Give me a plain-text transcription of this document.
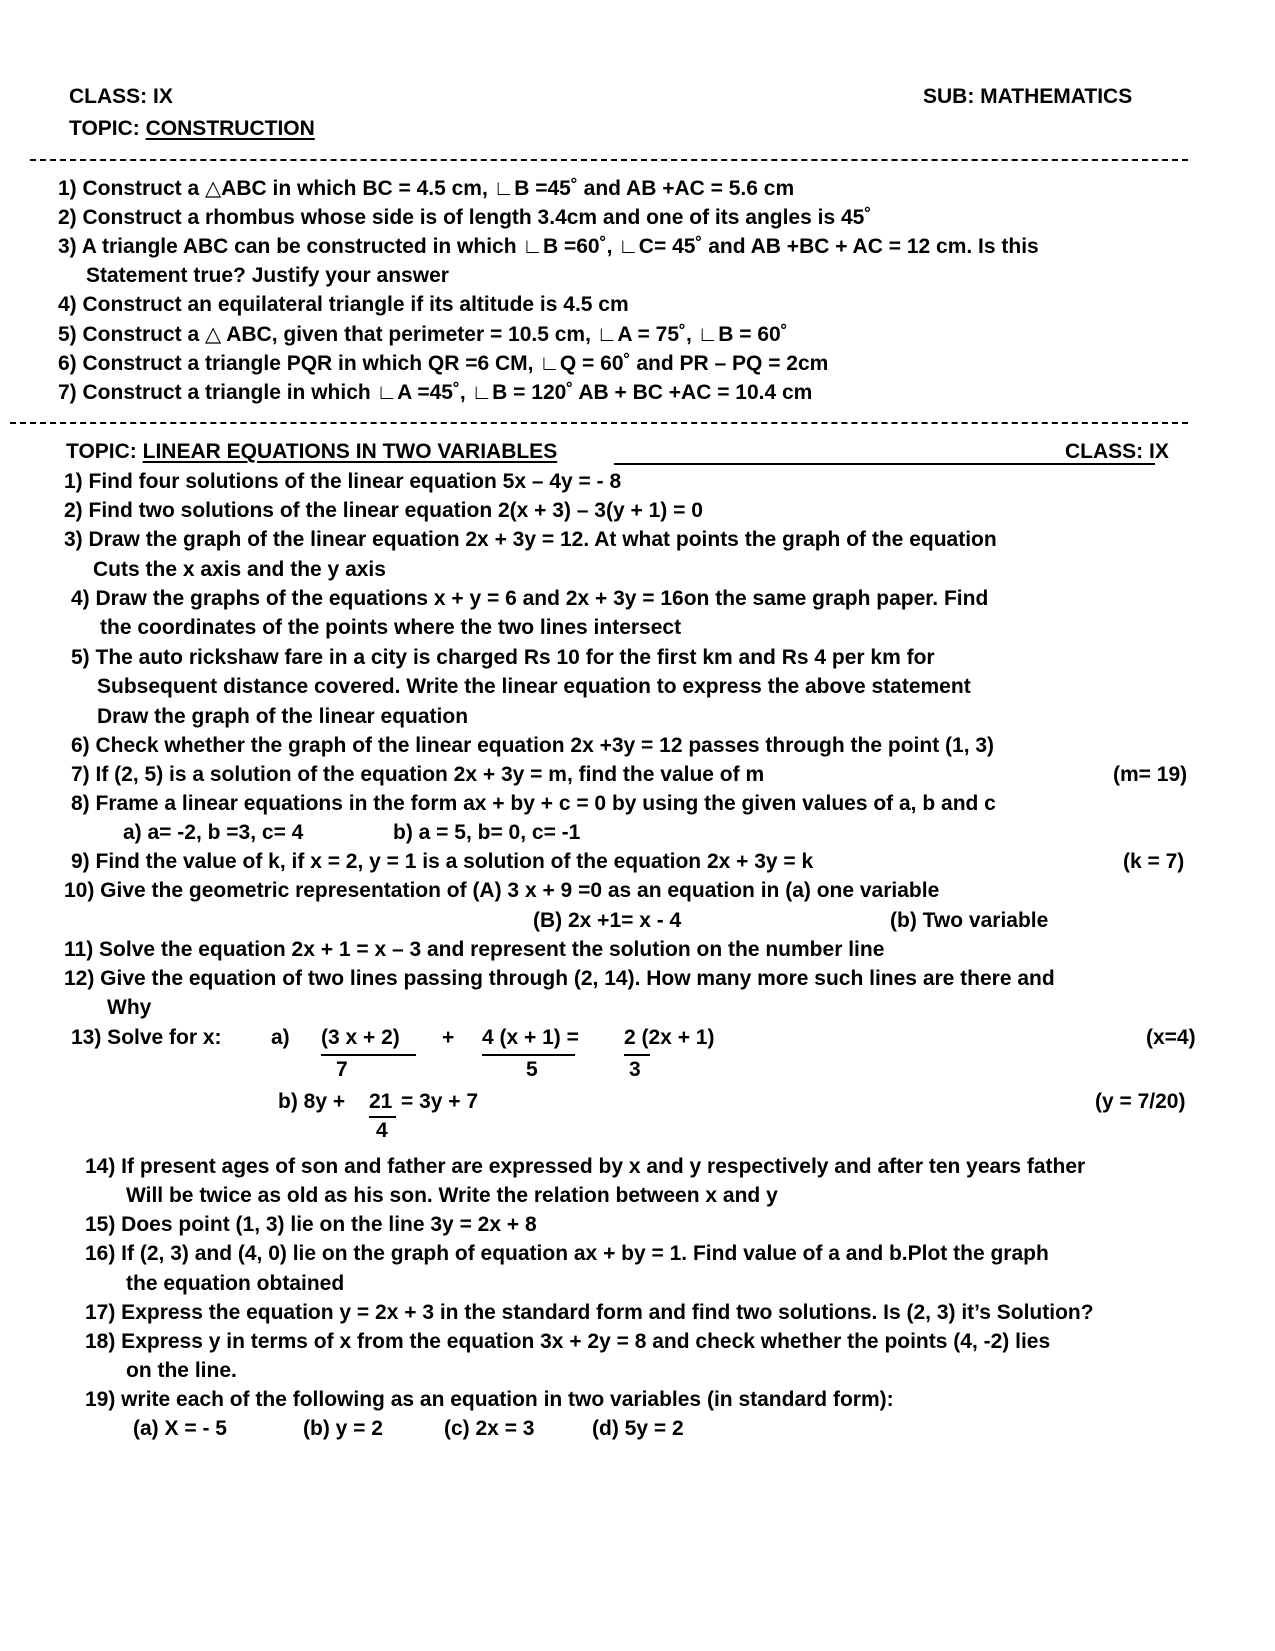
CLASS: IX	SUB: MATHEMATICS
TOPIC: CONSTRUCTION
1) Construct a △ABC in which BC = 4.5 cm, ∟B =45˚ and AB +AC = 5.6 cm
2) Construct a rhombus whose side is of length 3.4cm and one of its angles is 45˚
3) A triangle ABC can be constructed in which ∟B =60˚, ∟C= 45˚ and AB +BC + AC = 12 cm. Is this
Statement true? Justify your answer
4) Construct an equilateral triangle if its altitude is 4.5 cm
5) Construct a △ ABC, given that perimeter = 10.5 cm, ∟A = 75˚, ∟B = 60˚
6) Construct a triangle PQR in which QR =6 CM, ∟Q = 60˚ and PR – PQ = 2cm
7) Construct a triangle in which ∟A =45˚, ∟B = 120˚ AB + BC +AC = 10.4 cm
TOPIC: LINEAR EQUATIONS IN TWO VARIABLES	CLASS: IX
1) Find four solutions of the linear equation 5x – 4y = - 8
2) Find two solutions of the linear equation 2(x + 3) – 3(y + 1) = 0
3) Draw the graph of the linear equation 2x + 3y = 12. At what points the graph of the equation
Cuts the x axis and the y axis
4) Draw the graphs of the equations x + y = 6 and 2x + 3y = 16on the same graph paper. Find
the coordinates of the points where the two lines intersect
5) The auto rickshaw fare in a city is charged Rs 10 for the first km and Rs 4 per km for
Subsequent distance covered. Write the linear equation to express the above statement
Draw the graph of the linear equation
6) Check whether the graph of the linear equation 2x +3y = 12 passes through the point (1, 3)
7) If (2, 5) is a solution of the equation 2x + 3y = m, find the value of m	(m= 19)
8) Frame a linear equations in the form ax + by + c = 0 by using the given values of a, b and c
a) a= -2, b =3, c= 4	b) a = 5, b= 0, c= -1
9) Find the value of k, if x = 2, y = 1 is a solution of the equation 2x + 3y = k	(k = 7)
10) Give the geometric representation of (A) 3 x + 9 =0 as an equation in (a) one variable
(B) 2x +1= x - 4	(b) Two variable
11) Solve the equation 2x + 1 = x – 3 and represent the solution on the number line
12) Give the equation of two lines passing through (2, 14). How many more such lines are there and
Why
13) Solve for x: a) (3 x + 2)
7
+ 4 (x + 1) =
5
2 (2x + 1)
3
(x=4)
b) 8y + 21 = 3y + 7
4
(y = 7/20)
14) If present ages of son and father are expressed by x and y respectively and after ten years father
Will be twice as old as his son. Write the relation between x and y
15) Does point (1, 3) lie on the line 3y = 2x + 8
16) If (2, 3) and (4, 0) lie on the graph of equation ax + by = 1. Find value of a and b.Plot the graph
the equation obtained
17) Express the equation y = 2x + 3 in the standard form and find two solutions. Is (2, 3) it’s Solution?
18) Express y in terms of x from the equation 3x + 2y = 8 and check whether the points (4, -2) lies
on the line.
19) write each of the following as an equation in two variables (in standard form):
(a) X = - 5	(b) y = 2	(c) 2x = 3	(d) 5y = 2
